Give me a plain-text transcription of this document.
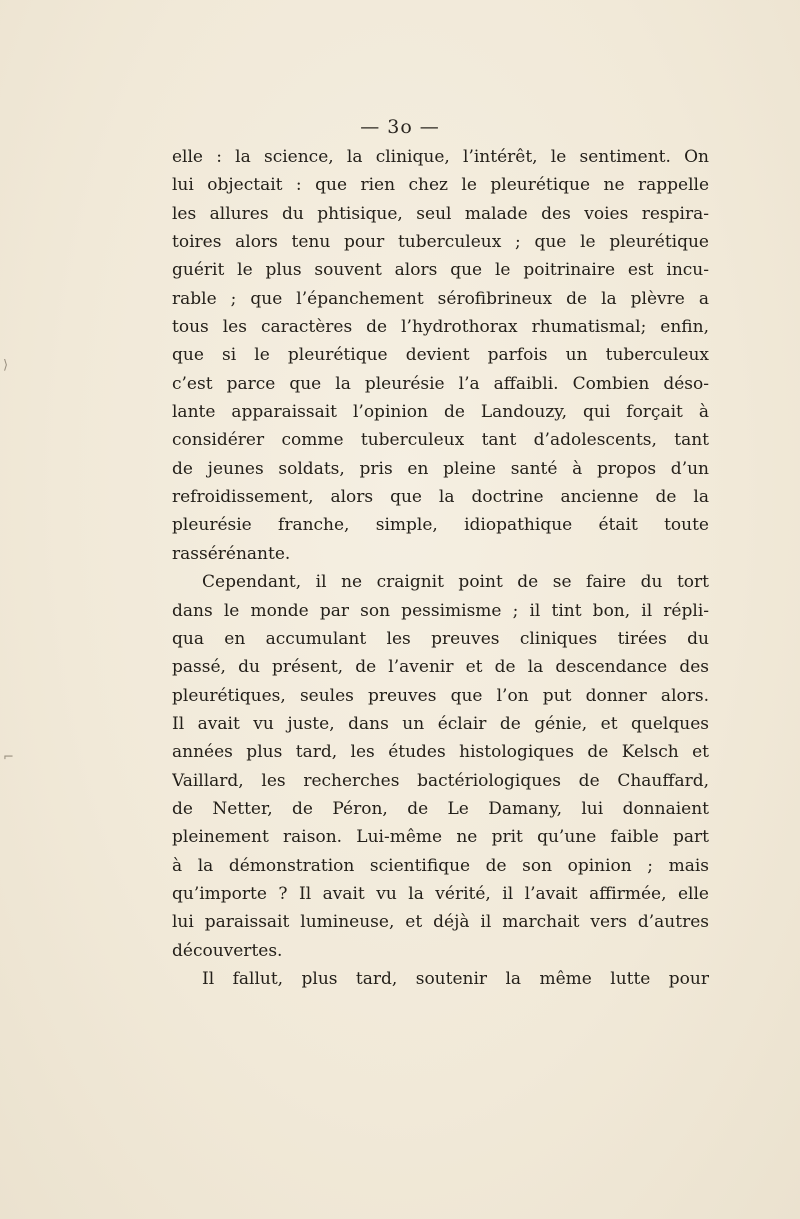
— 3o —
⟩
⌐
elle : la science, la clinique, l’intérêt, le sentiment. On
lui objectait : que rien chez le pleurétique ne rappelle
les allures du phtisique, seul malade des voies respira-
toires alors tenu pour tuberculeux ; que le pleurétique
guérit le plus souvent alors que le poitrinaire est incu-
rable ; que l’épanchement sérofibrineux de la plèvre a
tous les caractères de l’hydrothorax rhumatismal; enfin,
que si le pleurétique devient parfois un tuberculeux
c’est parce que la pleurésie l’a affaibli. Combien déso-
lante apparaissait l’opinion de Landouzy, qui forçait à
considérer comme tuberculeux tant d’adolescents, tant
de jeunes soldats, pris en pleine santé à propos d’un
refroidissement, alors que la doctrine ancienne de la
pleurésie franche, simple, idiopathique était toute
rassérénante.
Cependant, il ne craignit point de se faire du tort
dans le monde par son pessimisme ; il tint bon, il répli-
qua en accumulant les preuves cliniques tirées du
passé, du présent, de l’avenir et de la descendance des
pleurétiques, seules preuves que l’on put donner alors.
Il avait vu juste, dans un éclair de génie, et quelques
années plus tard, les études histologiques de Kelsch et
Vaillard, les recherches bactériologiques de Chauffard,
de Netter, de Péron, de Le Damany, lui donnaient
pleinement raison. Lui-même ne prit qu’une faible part
à la démonstration scientifique de son opinion ; mais
qu’importe ? Il avait vu la vérité, il l’avait affirmée, elle
lui paraissait lumineuse, et déjà il marchait vers d’autres
découvertes.
Il fallut, plus tard, soutenir la même lutte pour
